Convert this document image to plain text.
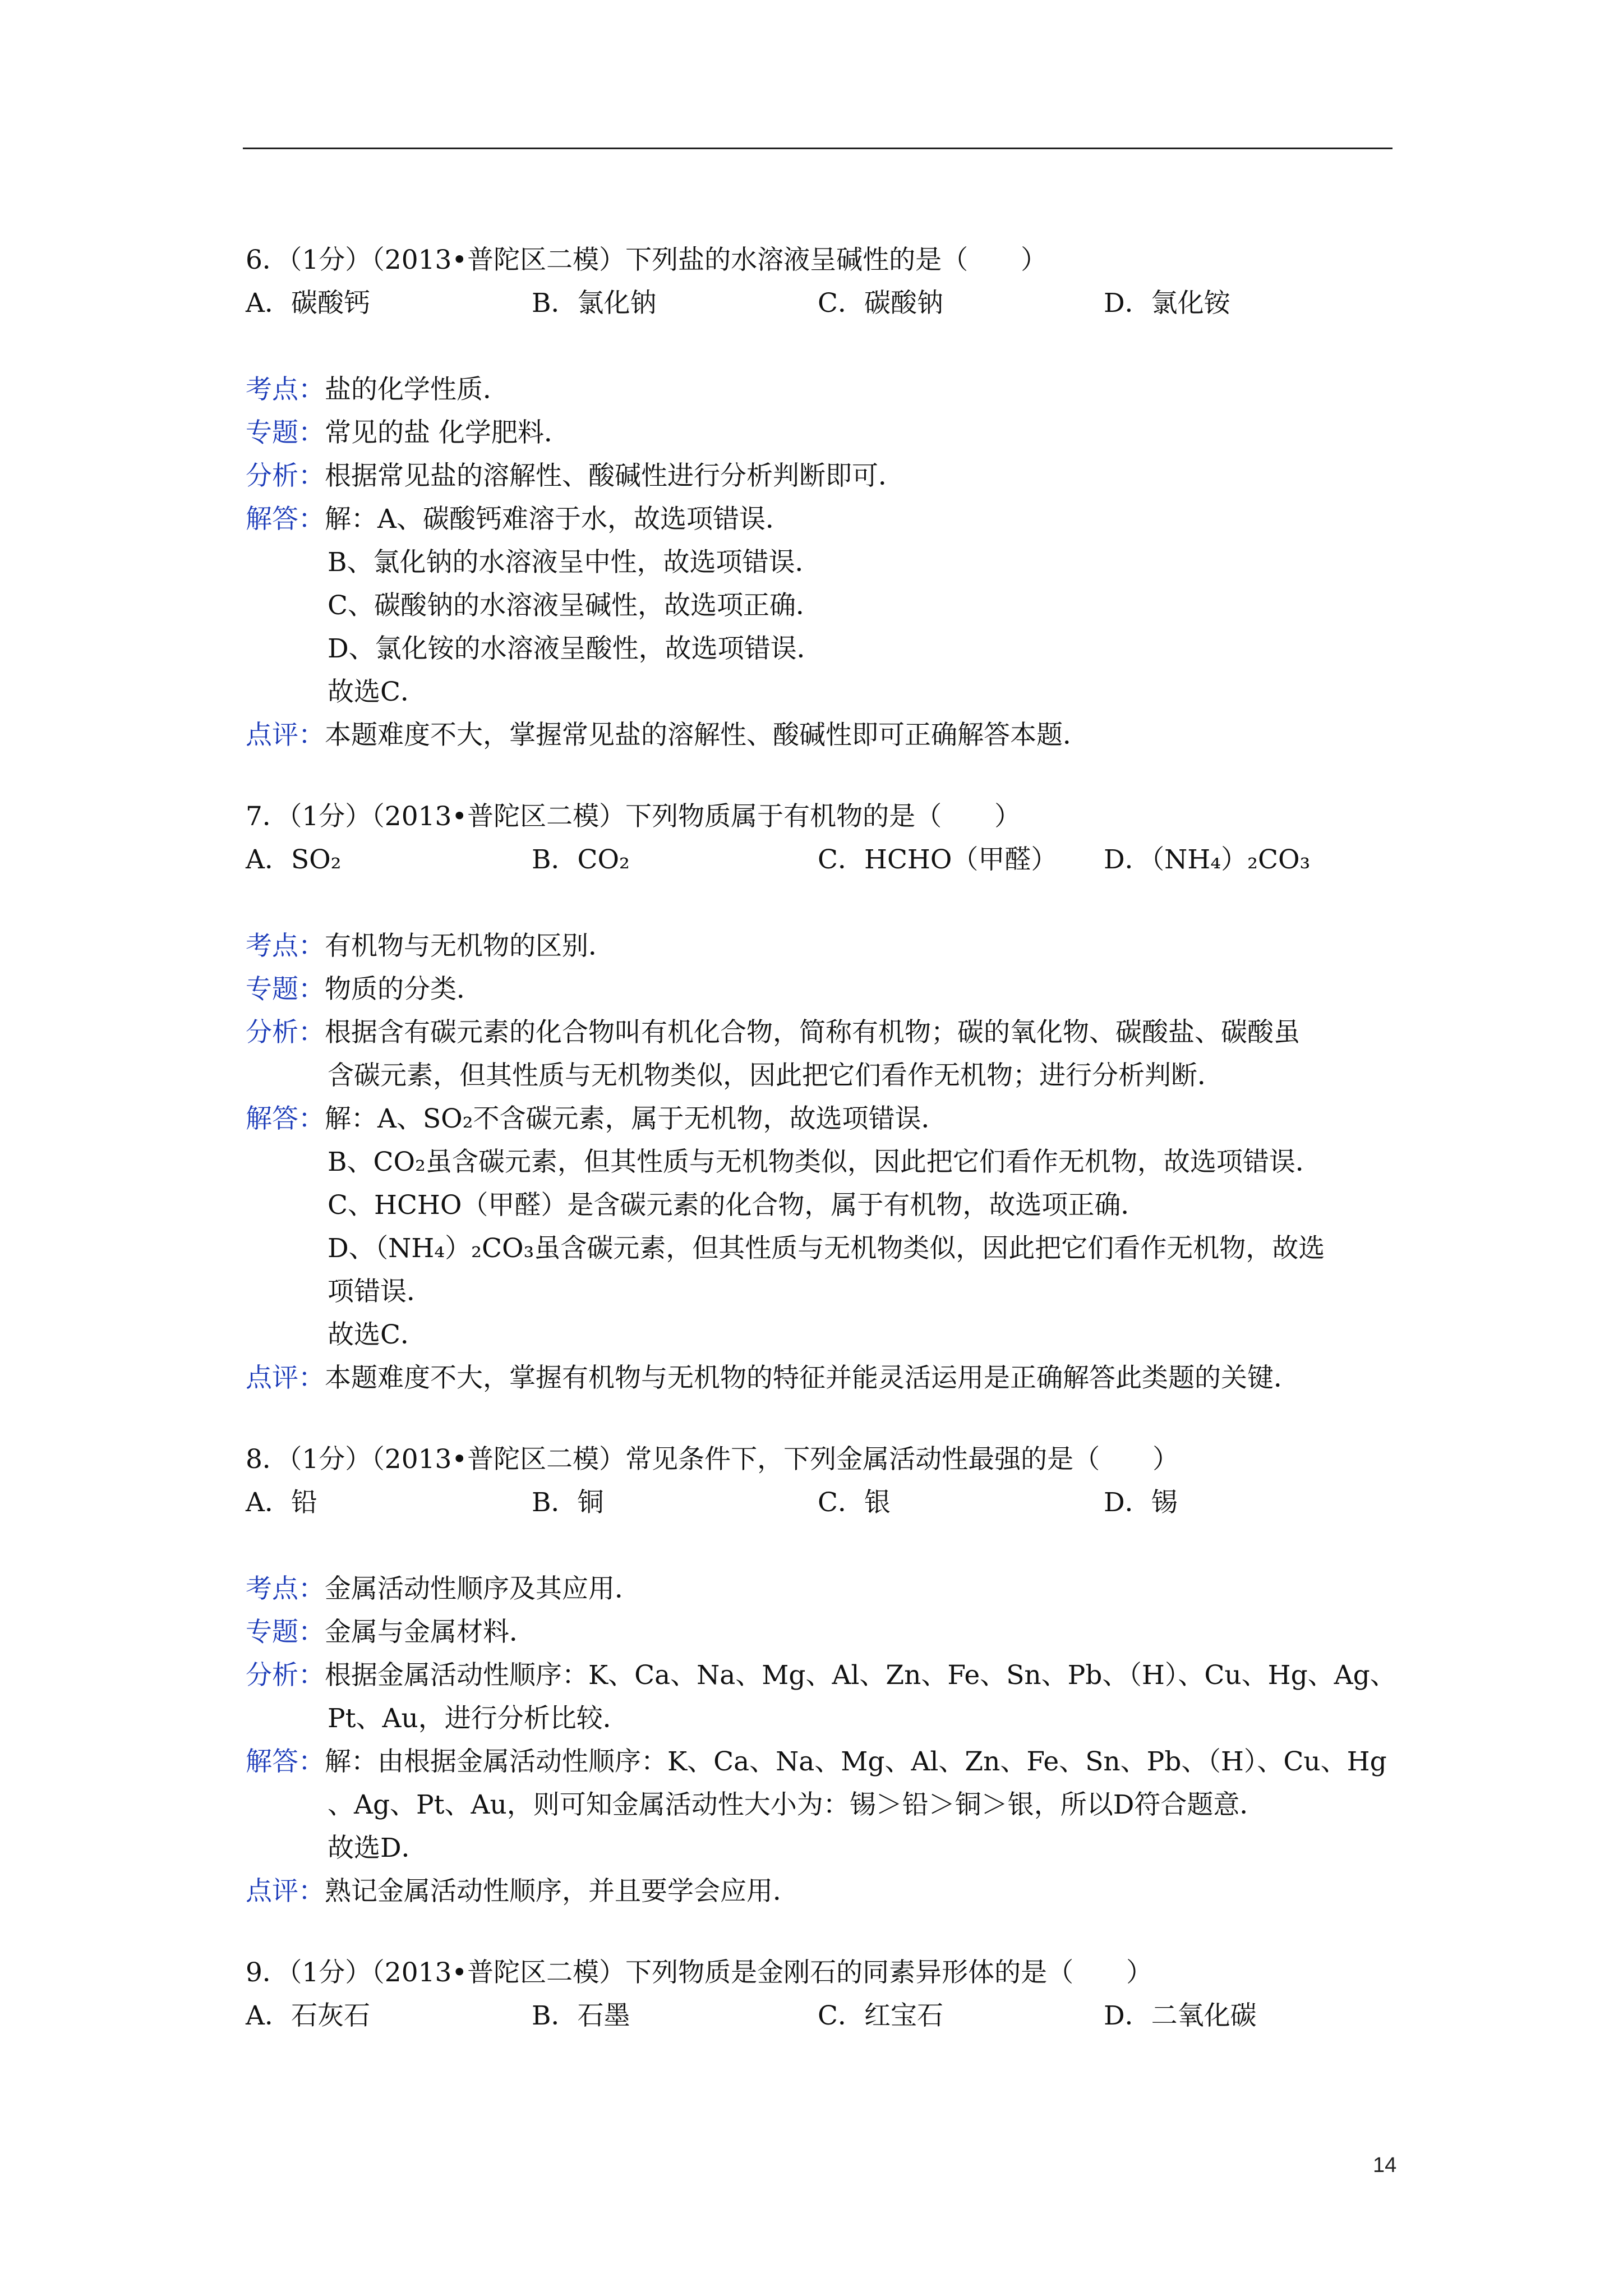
6．（1分）（2013•普陀区二模）下列盐的水溶液呈碱性的是（　　）
A．碳酸钙	B．氯化钠	C．碳酸钠	D．氯化铵
考点： 盐的化学性质．
专题： 常见的盐 化学肥料．
分析： 根据常见盐的溶解性、酸碱性进行分析判断即可．
解答： 解：A、碳酸钙难溶于水，故选项错误．
B、氯化钠的水溶液呈中性，故选项错误．
C、碳酸钠的水溶液呈碱性，故选项正确．
D、氯化铵的水溶液呈酸性，故选项错误．
故选C．
点评： 本题难度不大，掌握常见盐的溶解性、酸碱性即可正确解答本题．
7．（1分）（2013•普陀区二模）下列物质属于有机物的是（　　）
A．SO₂	B．CO₂	C．HCHO（甲醛）	D．（NH₄）₂CO₃
考点： 有机物与无机物的区别．
专题： 物质的分类．
分析： 根据含有碳元素的化合物叫有机化合物，简称有机物；碳的氧化物、碳酸盐、碳酸虽
含碳元素，但其性质与无机物类似，因此把它们看作无机物；进行分析判断．
解答： 解：A、SO₂不含碳元素，属于无机物，故选项错误．
B、CO₂虽含碳元素，但其性质与无机物类似，因此把它们看作无机物，故选项错误．
C、HCHO（甲醛）是含碳元素的化合物，属于有机物，故选项正确．
D、（NH₄）₂CO₃虽含碳元素，但其性质与无机物类似，因此把它们看作无机物，故选
项错误．
故选C．
点评： 本题难度不大，掌握有机物与无机物的特征并能灵活运用是正确解答此类题的关键．
8．（1分）（2013•普陀区二模）常见条件下，下列金属活动性最强的是（　　）
A．铅	B．铜	C．银	D．锡
考点： 金属活动性顺序及其应用．
专题： 金属与金属材料．
分析： 根据金属活动性顺序：K、Ca、Na、Mg、Al、Zn、Fe、Sn、Pb、（H）、Cu、Hg、Ag、
Pt、Au，进行分析比较．
解答： 解：由根据金属活动性顺序：K、Ca、Na、Mg、Al、Zn、Fe、Sn、Pb、（H）、Cu、Hg
、Ag、Pt、Au，则可知金属活动性大小为：锡＞铅＞铜＞银，所以D符合题意．
故选D．
点评： 熟记金属活动性顺序，并且要学会应用．
9．（1分）（2013•普陀区二模）下列物质是金刚石的同素异形体的是（　　）
A．石灰石	B．石墨	C．红宝石	D．二氧化碳
14
